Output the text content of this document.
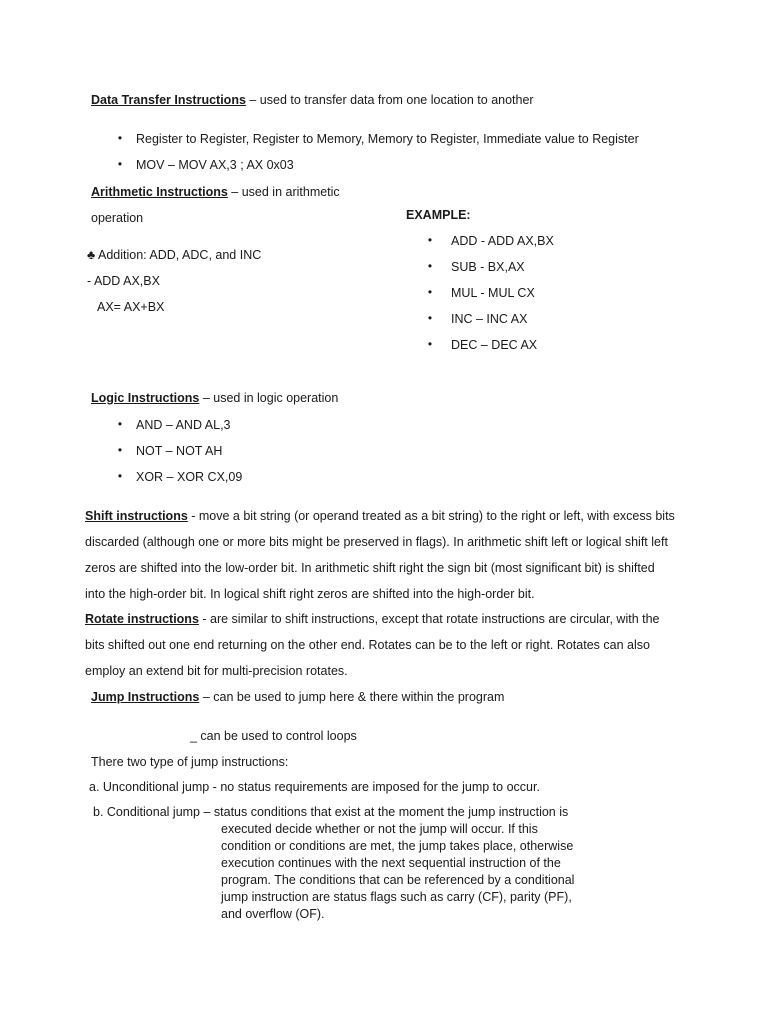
Data Transfer Instructions – used to transfer data from one location to another
•	Register to Register, Register to Memory, Memory to Register, Immediate value to Register
•	MOV – MOV AX,3 ; AX 0x03
Arithmetic Instructions – used in arithmetic
operation
♣ Addition: ADD, ADC, and INC
- ADD AX,BX
AX= AX+BX
EXAMPLE:
•	ADD - ADD AX,BX
•	SUB - BX,AX
•	MUL - MUL CX
•	INC – INC AX
•	DEC – DEC AX
Logic Instructions – used in logic operation
•	AND – AND AL,3
•	NOT – NOT AH
•	XOR – XOR CX,09
Shift instructions - move a bit string (or operand treated as a bit string) to the right or left, with excess bits discarded (although one or more bits might be preserved in flags). In arithmetic shift left or logical shift left zeros are shifted into the low-order bit. In arithmetic shift right the sign bit (most significant bit) is shifted into the high-order bit. In logical shift right zeros are shifted into the high-order bit.
Rotate instructions - are similar to shift instructions, except that rotate instructions are circular, with the bits shifted out one end returning on the other end. Rotates can be to the left or right. Rotates can also employ an extend bit for multi-precision rotates.
Jump Instructions – can be used to jump here & there within the program
_ can be used to control loops
There two type of jump instructions:
a. Unconditional jump - no status requirements are imposed for the jump to occur.
b. Conditional jump – status conditions that exist at the moment the jump instruction is
executed decide whether or not the jump will occur. If this
condition or conditions are met, the jump takes place, otherwise
execution continues with the next sequential instruction of the
program. The conditions that can be referenced by a conditional
jump instruction are status flags such as carry (CF), parity (PF),
and overflow (OF).
